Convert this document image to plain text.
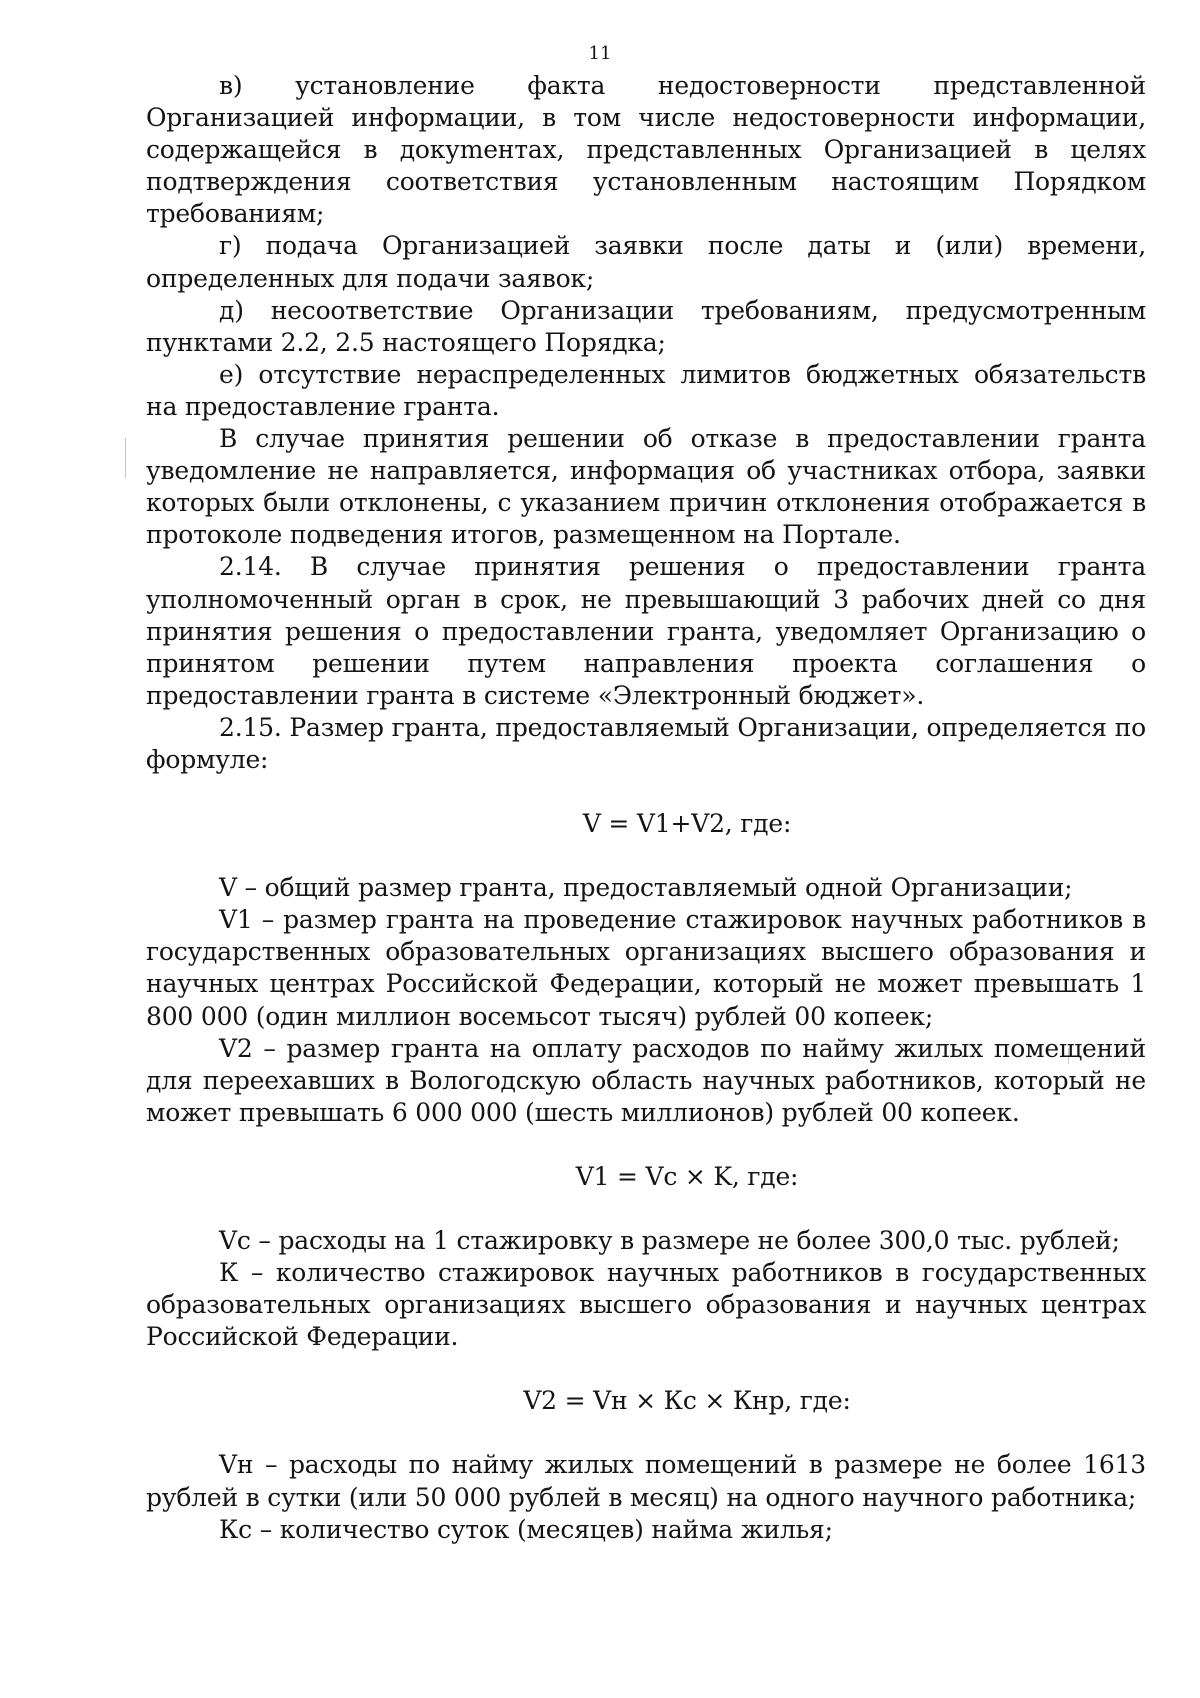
11

в) установление факта недостоверности представленной Организацией информации, в том числе недостоверности информации, содержащейся в докуmентах, представленных Организацией в целях подтверждения соответствия установленным настоящим Порядком требованиям;

г) подача Организацией заявки после даты и (или) времени, определенных для подачи заявок;

д) несоответствие Организации требованиям, предусмотренным пунктами 2.2, 2.5 настоящего Порядка;

е) отсутствие нераспределенных лимитов бюджетных обязательств на предоставление гранта.

В случае принятия решении об отказе в предоставлении гранта уведомление не направляется, информация об участниках отбора, заявки которых были отклонены, с указанием причин отклонения отображается в протоколе подведения итогов, размещенном на Портале.

2.14. В случае принятия решения о предоставлении гранта уполномоченный орган в срок, не превышающий 3 рабочих дней со дня принятия решения о предоставлении гранта, уведомляет Организацию о принятом решении путем направления проекта соглашения о предоставлении гранта в системе «Электронный бюджет».

2.15. Размер гранта, предоставляемый Организации, определяется по формуле:

V = V1+V2, где:

V – общий размер гранта, предоставляемый одной Организации;

V1 – размер гранта на проведение стажировок научных работников в государственных образовательных организациях высшего образования и научных центрах Российской Федерации, который не может превышать 1 800 000 (один миллион восемьсот тысяч) рублей 00 копеек;

V2 – размер гранта на оплату расходов по найму жилых помещений для переехавших в Вологодскую область научных работников, который не может превышать 6 000 000 (шесть миллионов) рублей 00 копеек.

V1 = Vc × K, где:

Vc – расходы на 1 стажировку в размере не более 300,0 тыс. рублей;

К – количество стажировок научных работников в государственных образовательных организациях высшего образования и научных центрах Российской Федерации.

V2 = Vн × Кс × Кнр, где:

Vн – расходы по найму жилых помещений в размере не более 1613 рублей в сутки (или 50 000 рублей в месяц) на одного научного работника;

Кс – количество суток (месяцев) найма жилья;
